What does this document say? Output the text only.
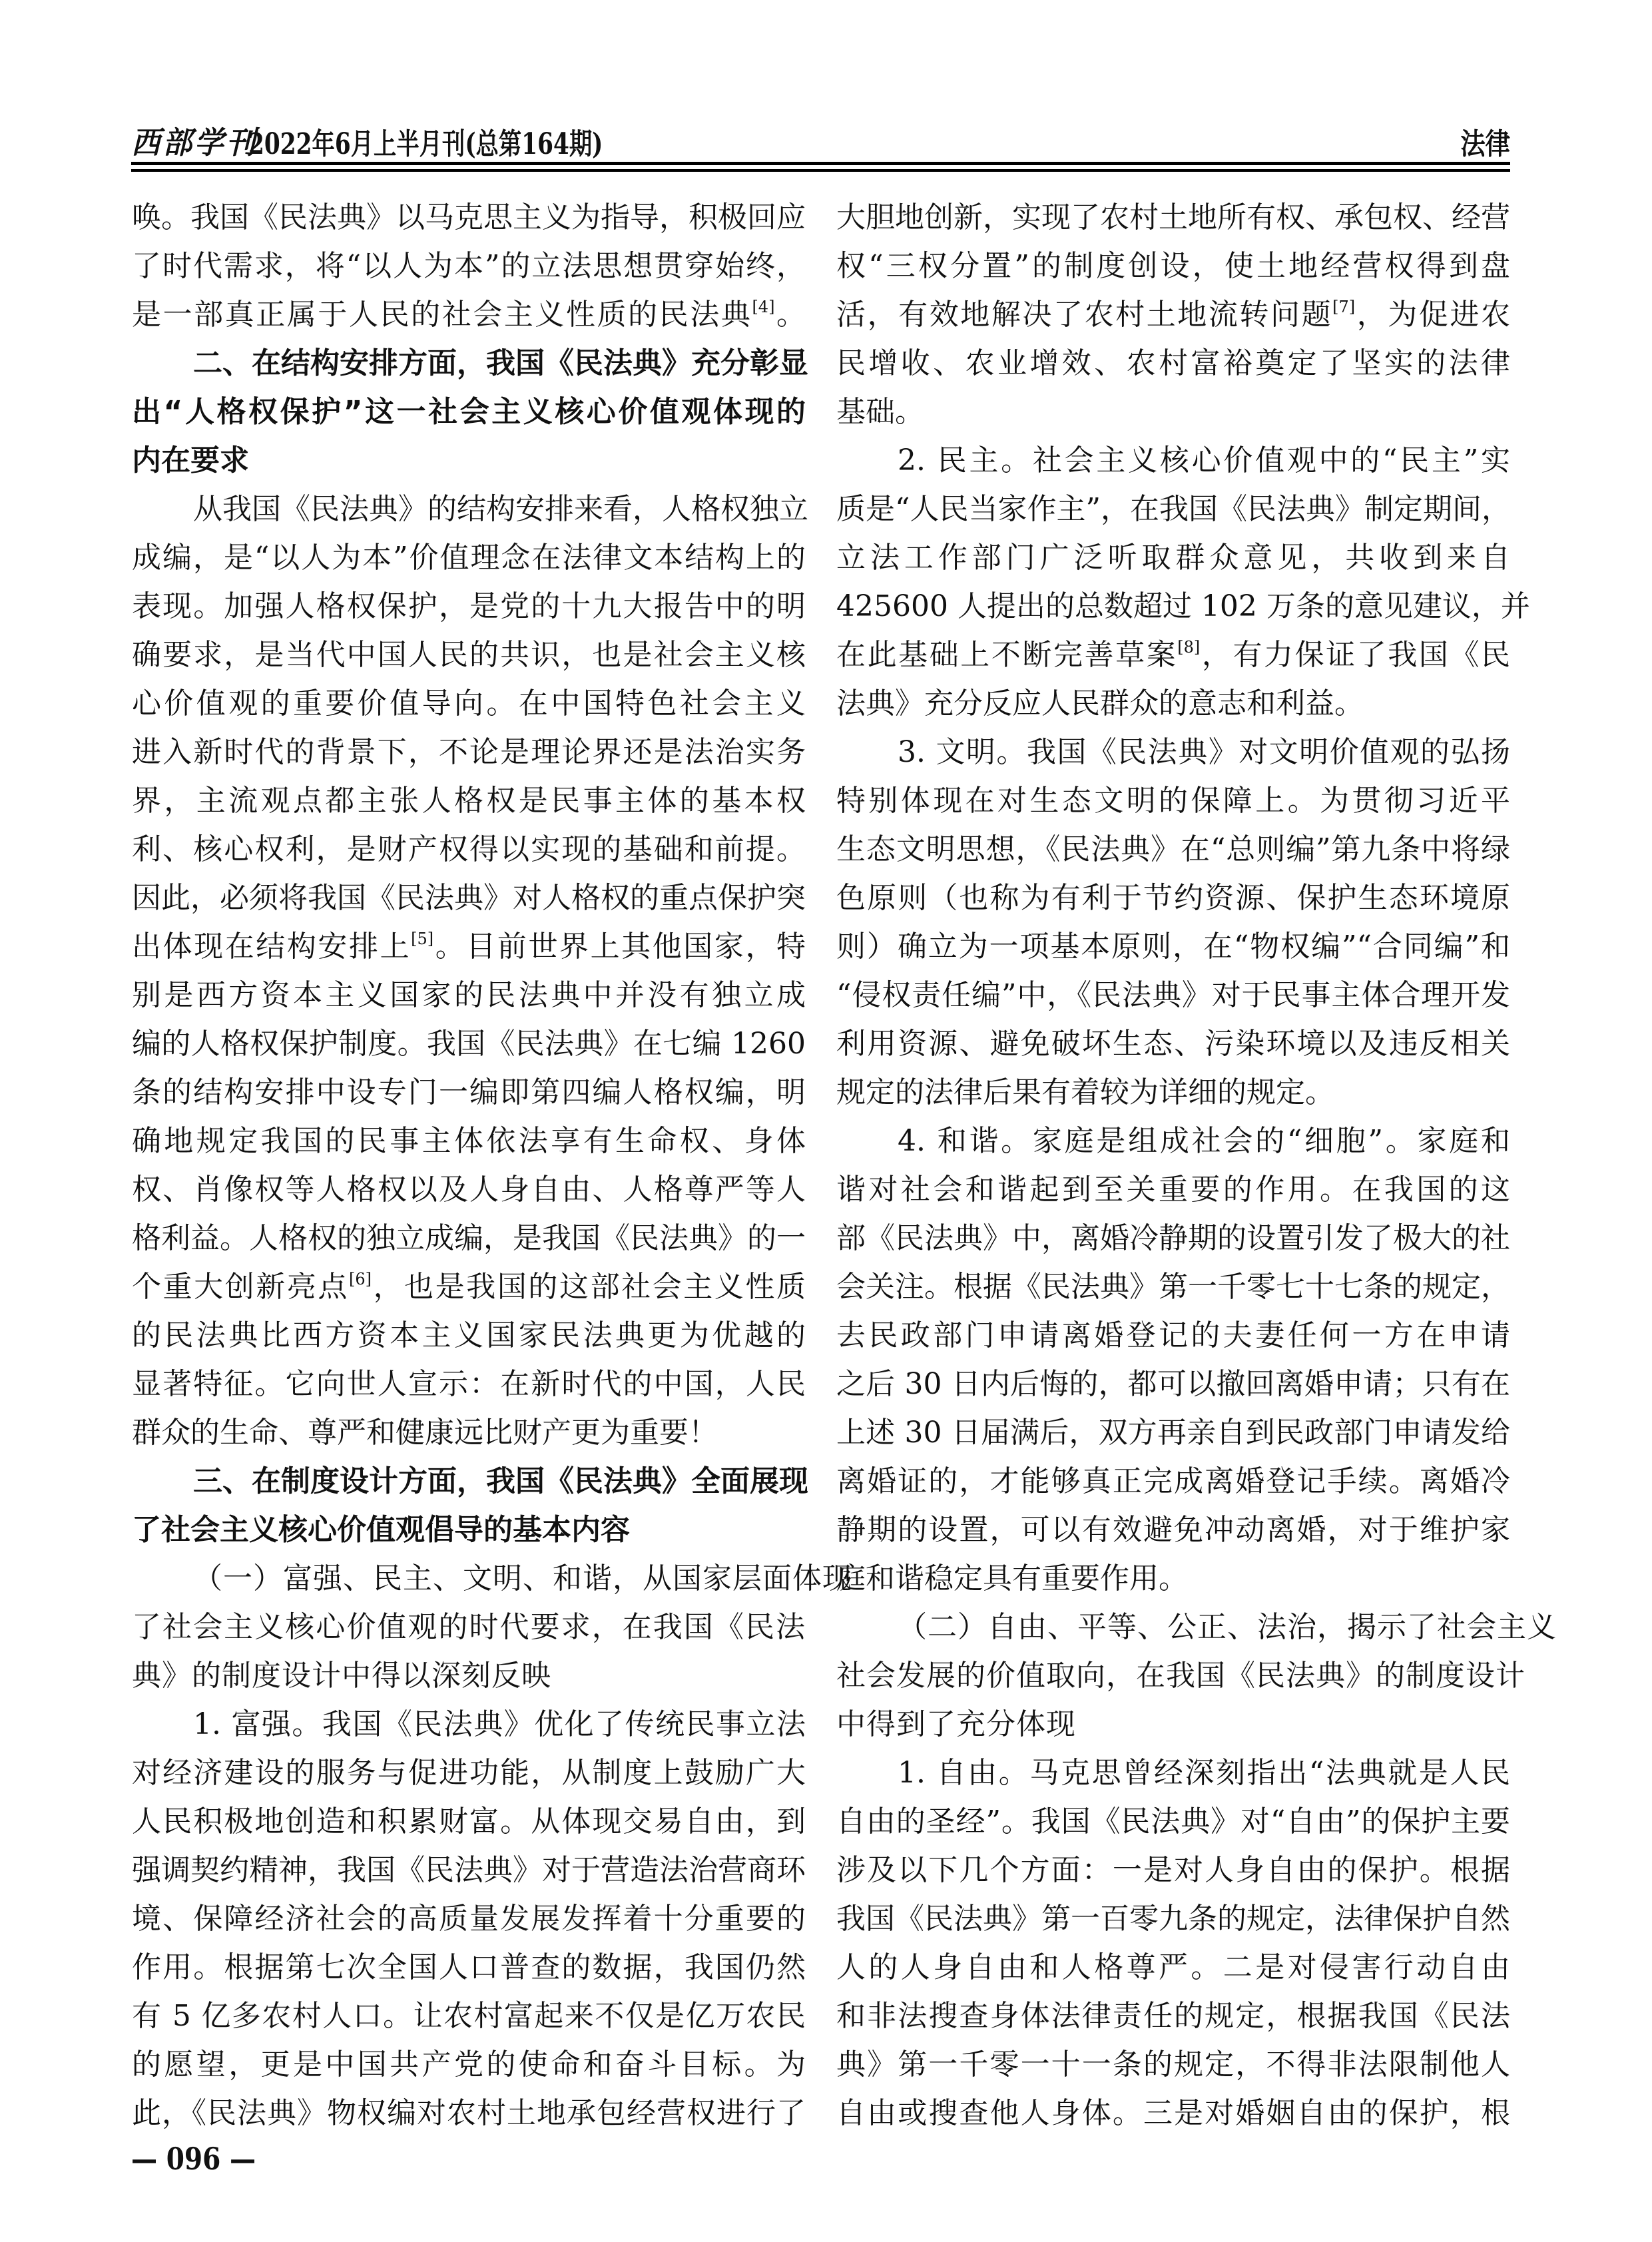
西部学刊
2022年6月上半月刊(总第164期)	法律
唤。我国《民法典》以马克思主义为指导，积极回应
了时代需求，将“以人为本”的立法思想贯穿始终，
是一部真正属于人民的社会主义性质的民法典[4]。
二、在结构安排方面，我国《民法典》充分彰显
出“人格权保护”这一社会主义核心价值观体现的
内在要求
从我国《民法典》的结构安排来看，人格权独立
成编，是“以人为本”价值理念在法律文本结构上的
表现。加强人格权保护，是党的十九大报告中的明
确要求，是当代中国人民的共识，也是社会主义核
心价值观的重要价值导向。在中国特色社会主义
进入新时代的背景下，不论是理论界还是法治实务
界，主流观点都主张人格权是民事主体的基本权
利、核心权利，是财产权得以实现的基础和前提。
因此，必须将我国《民法典》对人格权的重点保护突
出体现在结构安排上[5]。目前世界上其他国家，特
别是西方资本主义国家的民法典中并没有独立成
编的人格权保护制度。我国《民法典》在七编 1260
条的结构安排中设专门一编即第四编人格权编，明
确地规定我国的民事主体依法享有生命权、身体
权、肖像权等人格权以及人身自由、人格尊严等人
格利益。人格权的独立成编，是我国《民法典》的一
个重大创新亮点[6]，也是我国的这部社会主义性质
的民法典比西方资本主义国家民法典更为优越的
显著特征。它向世人宣示：在新时代的中国，人民
群众的生命、尊严和健康远比财产更为重要！
三、在制度设计方面，我国《民法典》全面展现
了社会主义核心价值观倡导的基本内容
（一）富强、民主、文明、和谐，从国家层面体现
了社会主义核心价值观的时代要求，在我国《民法
典》的制度设计中得以深刻反映
1. 富强。我国《民法典》优化了传统民事立法
对经济建设的服务与促进功能，从制度上鼓励广大
人民积极地创造和积累财富。从体现交易自由，到
强调契约精神，我国《民法典》对于营造法治营商环
境、保障经济社会的高质量发展发挥着十分重要的
作用。根据第七次全国人口普查的数据，我国仍然
有 5 亿多农村人口。让农村富起来不仅是亿万农民
的愿望，更是中国共产党的使命和奋斗目标。为
此，《民法典》物权编对农村土地承包经营权进行了
大胆地创新，实现了农村土地所有权、承包权、经营
权“三权分置”的制度创设，使土地经营权得到盘
活，有效地解决了农村土地流转问题[7]，为促进农
民增收、农业增效、农村富裕奠定了坚实的法律
基础。
2. 民主。社会主义核心价值观中的“民主”实
质是“人民当家作主”，在我国《民法典》制定期间，
立法工作部门广泛听取群众意见，共收到来自
425600 人提出的总数超过 102 万条的意见建议，并
在此基础上不断完善草案[8]，有力保证了我国《民
法典》充分反应人民群众的意志和利益。
3. 文明。我国《民法典》对文明价值观的弘扬
特别体现在对生态文明的保障上。为贯彻习近平
生态文明思想，《民法典》在“总则编”第九条中将绿
色原则（也称为有利于节约资源、保护生态环境原
则）确立为一项基本原则，在“物权编”“合同编”和
“侵权责任编”中，《民法典》对于民事主体合理开发
利用资源、避免破坏生态、污染环境以及违反相关
规定的法律后果有着较为详细的规定。
4. 和谐。家庭是组成社会的“细胞”。家庭和
谐对社会和谐起到至关重要的作用。在我国的这
部《民法典》中，离婚冷静期的设置引发了极大的社
会关注。根据《民法典》第一千零七十七条的规定，
去民政部门申请离婚登记的夫妻任何一方在申请
之后 30 日内后悔的，都可以撤回离婚申请；只有在
上述 30 日届满后，双方再亲自到民政部门申请发给
离婚证的，才能够真正完成离婚登记手续。离婚冷
静期的设置，可以有效避免冲动离婚，对于维护家
庭和谐稳定具有重要作用。
（二）自由、平等、公正、法治，揭示了社会主义
社会发展的价值取向，在我国《民法典》的制度设计
中得到了充分体现
1. 自由。马克思曾经深刻指出“法典就是人民
自由的圣经”。我国《民法典》对“自由”的保护主要
涉及以下几个方面：一是对人身自由的保护。根据
我国《民法典》第一百零九条的规定，法律保护自然
人的人身自由和人格尊严。二是对侵害行动自由
和非法搜查身体法律责任的规定，根据我国《民法
典》第一千零一十一条的规定，不得非法限制他人
自由或搜查他人身体。三是对婚姻自由的保护，根
— 096 —
